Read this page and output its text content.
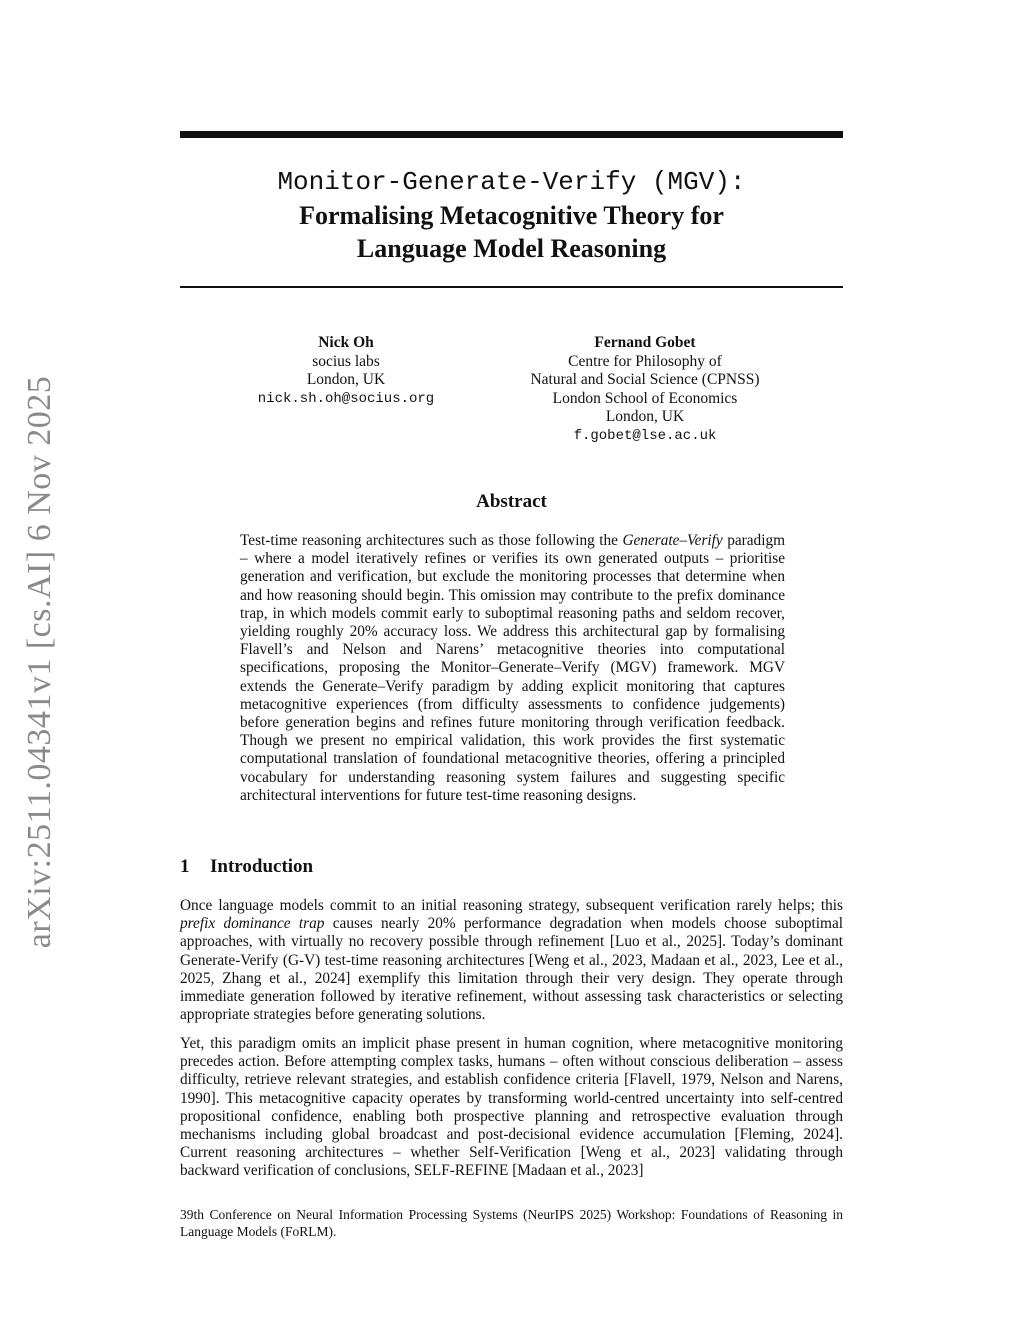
arXiv:2511.04341v1 [cs.AI] 6 Nov 2025
Monitor-Generate-Verify (MGV):
Formalising Metacognitive Theory for
Language Model Reasoning
Nick Oh
socius labs
London, UK
nick.sh.oh@socius.org
Fernand Gobet
Centre for Philosophy of
Natural and Social Science (CPNSS)
London School of Economics
London, UK
f.gobet@lse.ac.uk
Abstract
Test-time reasoning architectures such as those following the Generate–Verify paradigm – where a model iteratively refines or verifies its own generated outputs – prioritise generation and verification, but exclude the monitoring processes that determine when and how reasoning should begin. This omission may contribute to the prefix dominance trap, in which models commit early to suboptimal reasoning paths and seldom recover, yielding roughly 20% accuracy loss. We address this architectural gap by formalising Flavell’s and Nelson and Narens’ metacognitive theories into computational specifications, proposing the Monitor–Generate–Verify (MGV) framework. MGV extends the Generate–Verify paradigm by adding explicit monitoring that captures metacognitive experiences (from difficulty assessments to confidence judgements) before generation begins and refines future monitoring through verification feedback. Though we present no empirical validation, this work provides the first systematic computational translation of foundational metacognitive theories, offering a principled vocabulary for understanding reasoning system failures and suggesting specific architectural interventions for future test-time reasoning designs.
1 Introduction
Once language models commit to an initial reasoning strategy, subsequent verification rarely helps; this prefix dominance trap causes nearly 20% performance degradation when models choose suboptimal approaches, with virtually no recovery possible through refinement [Luo et al., 2025]. Today’s dominant Generate-Verify (G-V) test-time reasoning architectures [Weng et al., 2023, Madaan et al., 2023, Lee et al., 2025, Zhang et al., 2024] exemplify this limitation through their very design. They operate through immediate generation followed by iterative refinement, without assessing task characteristics or selecting appropriate strategies before generating solutions.
Yet, this paradigm omits an implicit phase present in human cognition, where metacognitive monitoring precedes action. Before attempting complex tasks, humans – often without conscious deliberation – assess difficulty, retrieve relevant strategies, and establish confidence criteria [Flavell, 1979, Nelson and Narens, 1990]. This metacognitive capacity operates by transforming world-centred uncertainty into self-centred propositional confidence, enabling both prospective planning and retrospective evaluation through mechanisms including global broadcast and post-decisional evidence accumulation [Fleming, 2024]. Current reasoning architectures – whether Self-Verification [Weng et al., 2023] validating through backward verification of conclusions, SELF-REFINE [Madaan et al., 2023]
39th Conference on Neural Information Processing Systems (NeurIPS 2025) Workshop: Foundations of Reasoning in Language Models (FoRLM).
